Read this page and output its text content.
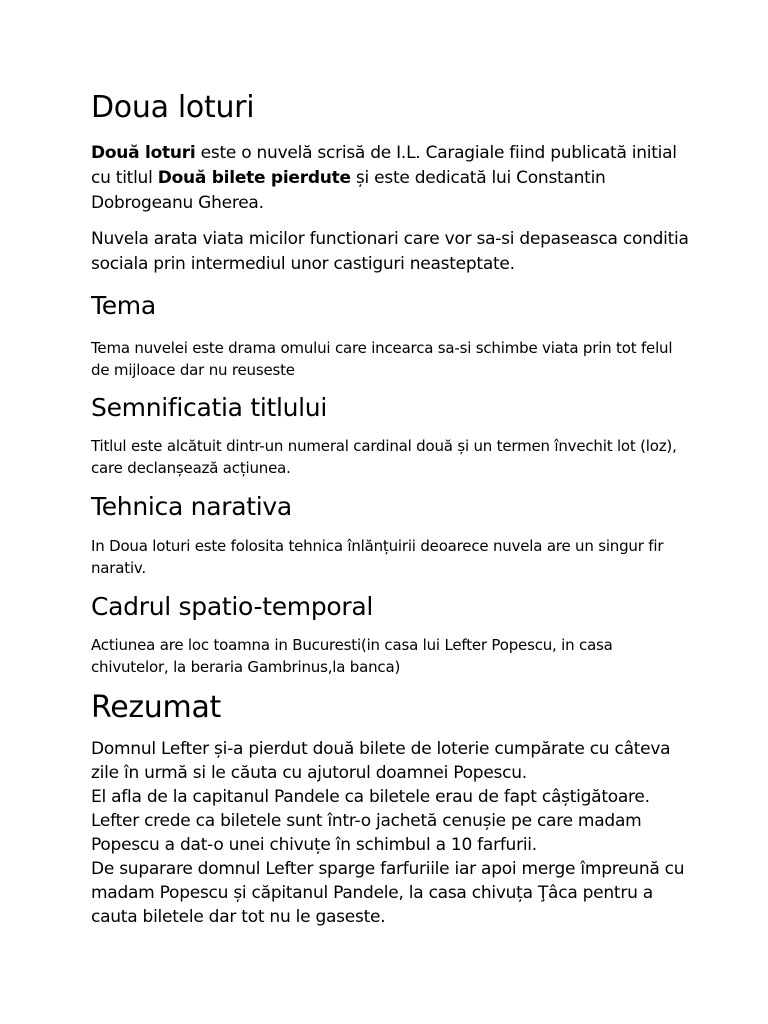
Doua loturi

Două loturi este o nuvelă scrisă de I.L. Caragiale fiind publicată initial cu titlul Două bilete pierdute și este dedicată lui Constantin Dobrogeanu Gherea.

Nuvela arata viata micilor functionari care vor sa-si depaseasca conditia sociala prin intermediul unor castiguri neasteptate.

Tema

Tema nuvelei este drama omului care incearca sa-si schimbe viata prin tot felul de mijloace dar nu reuseste

Semnificatia titlului

Titlul este alcătuit dintr-un numeral cardinal două și un termen învechit lot (loz), care declanșează acțiunea.

Tehnica narativa

In Doua loturi este folosita tehnica înlănțuirii deoarece nuvela are un singur fir narativ.

Cadrul spatio-temporal

Actiunea are loc toamna in Bucuresti(in casa lui Lefter Popescu, in casa chivutelor, la beraria Gambrinus,la banca)

Rezumat

Domnul Lefter și-a pierdut două bilete de loterie cumpărate cu câteva zile în urmă si le căuta cu ajutorul doamnei Popescu.

El afla de la capitanul Pandele ca biletele erau de fapt câștigătoare.

Lefter crede ca biletele sunt într-o jachetă cenușie pe care madam Popescu a dat-o unei chivuțe în schimbul a 10 farfurii.

De suparare domnul Lefter sparge farfuriile iar apoi merge împreună cu madam Popescu și căpitanul Pandele, la casa chivuța Ţâca pentru a cauta biletele dar tot nu le gaseste.
